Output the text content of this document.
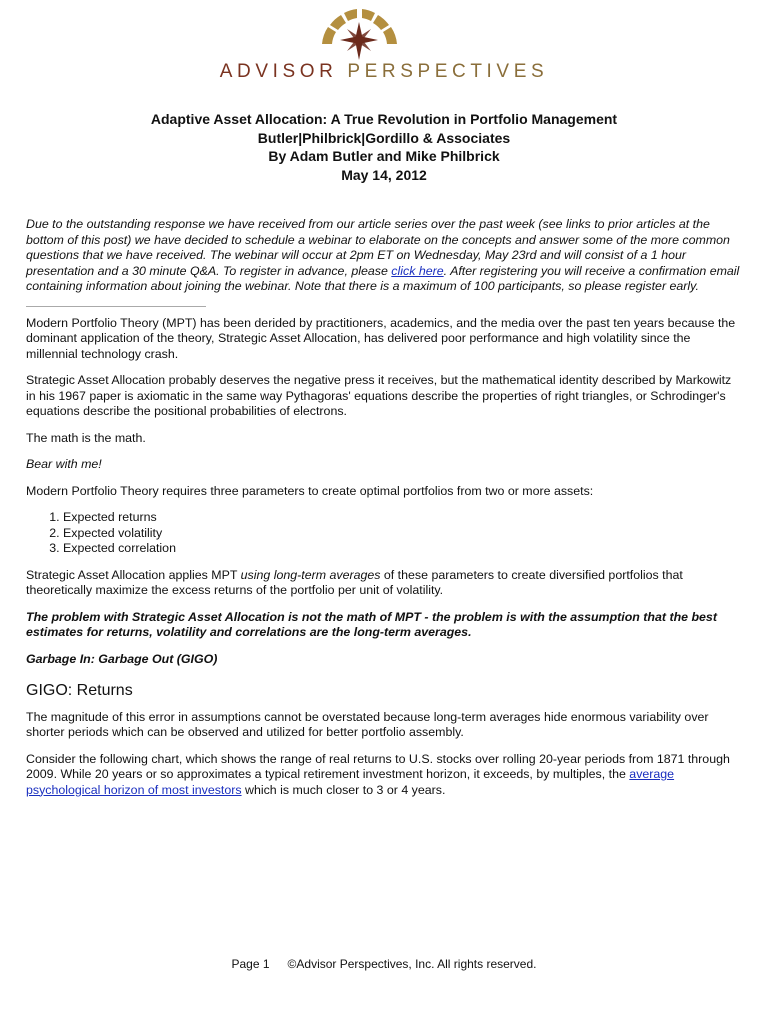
ADVISOR PERSPECTIVES
Adaptive Asset Allocation: A True Revolution in Portfolio Management
Butler|Philbrick|Gordillo & Associates
By Adam Butler and Mike Philbrick
May 14, 2012

Due to the outstanding response we have received from our article series over the past week (see links to prior articles at the bottom of this post) we have decided to schedule a webinar to elaborate on the concepts and answer some of the more common questions that we have received. The webinar will occur at 2pm ET on Wednesday, May 23rd and will consist of a 1 hour presentation and a 30 minute Q&A. To register in advance, please click here. After registering you will receive a confirmation email containing information about joining the webinar. Note that there is a maximum of 100 participants, so please register early.

Modern Portfolio Theory (MPT) has been derided by practitioners, academics, and the media over the past ten years because the dominant application of the theory, Strategic Asset Allocation, has delivered poor performance and high volatility since the millennial technology crash.

Strategic Asset Allocation probably deserves the negative press it receives, but the mathematical identity described by Markowitz in his 1967 paper is axiomatic in the same way Pythagoras' equations describe the properties of right triangles, or Schrodinger's equations describe the positional probabilities of electrons.

The math is the math.

Bear with me!

Modern Portfolio Theory requires three parameters to create optimal portfolios from two or more assets:

1. Expected returns
2. Expected volatility
3. Expected correlation

Strategic Asset Allocation applies MPT using long-term averages of these parameters to create diversified portfolios that theoretically maximize the excess returns of the portfolio per unit of volatility.

The problem with Strategic Asset Allocation is not the math of MPT - the problem is with the assumption that the best estimates for returns, volatility and correlations are the long-term averages.

Garbage In: Garbage Out (GIGO)

GIGO: Returns

The magnitude of this error in assumptions cannot be overstated because long-term averages hide enormous variability over shorter periods which can be observed and utilized for better portfolio assembly.

Consider the following chart, which shows the range of real returns to U.S. stocks over rolling 20-year periods from 1871 through 2009. While 20 years or so approximates a typical retirement investment horizon, it exceeds, by multiples, the average psychological horizon of most investors which is much closer to 3 or 4 years.

Page 1 ©Advisor Perspectives, Inc. All rights reserved.
